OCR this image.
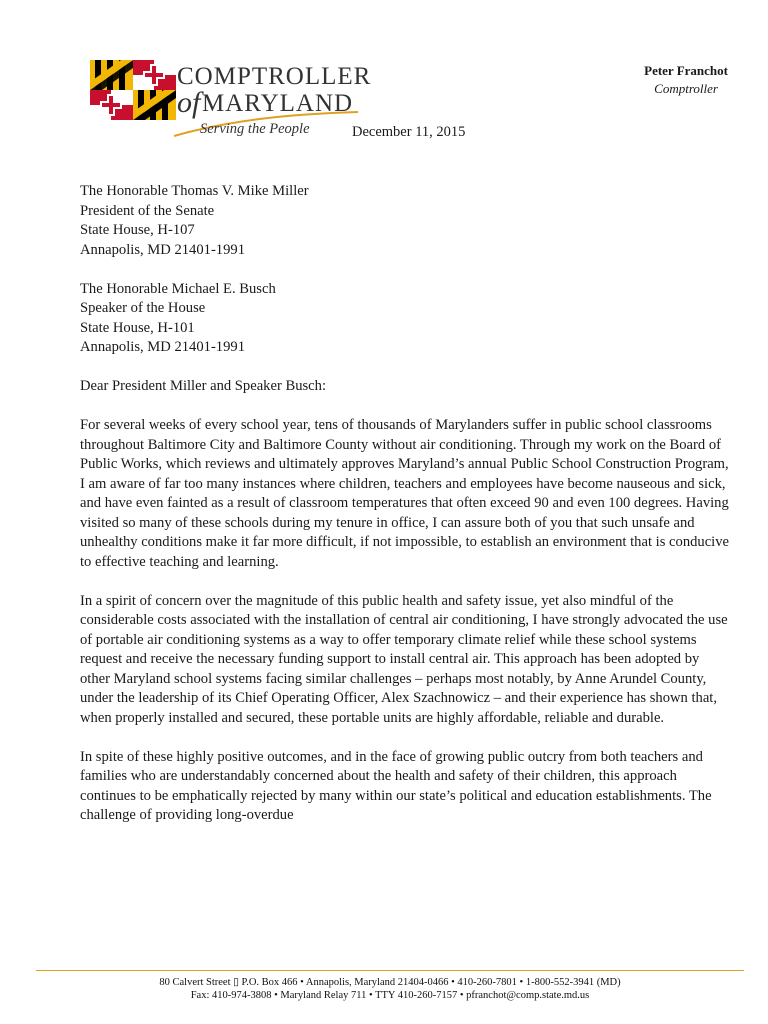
COMPTROLLER
of MARYLAND
Serving the People	December 11, 2015
Peter Franchot
Comptroller
The Honorable Thomas V. Mike Miller
President of the Senate
State House, H-107
Annapolis, MD 21401-1991
The Honorable Michael E. Busch
Speaker of the House
State House, H-101
Annapolis, MD 21401-1991
Dear President Miller and Speaker Busch:

For several weeks of every school year, tens of thousands of Marylanders suffer in public school classrooms throughout Baltimore City and Baltimore County without air conditioning. Through my work on the Board of Public Works, which reviews and ultimately approves Maryland’s annual Public School Construction Program, I am aware of far too many instances where children, teachers and employees have become nauseous and sick, and have even fainted as a result of classroom temperatures that often exceed 90 and even 100 degrees. Having visited so many of these schools during my tenure in office, I can assure both of you that such unsafe and unhealthy conditions make it far more difficult, if not impossible, to establish an environment that is conducive to effective teaching and learning.

In a spirit of concern over the magnitude of this public health and safety issue, yet also mindful of the considerable costs associated with the installation of central air conditioning, I have strongly advocated the use of portable air conditioning systems as a way to offer temporary climate relief while these school systems request and receive the necessary funding support to install central air. This approach has been adopted by other Maryland school systems facing similar challenges – perhaps most notably, by Anne Arundel County, under the leadership of its Chief Operating Officer, Alex Szachnowicz – and their experience has shown that, when properly installed and secured, these portable units are highly affordable, reliable and durable.

In spite of these highly positive outcomes, and in the face of growing public outcry from both teachers and families who are understandably concerned about the health and safety of their children, this approach continues to be emphatically rejected by many within our state’s political and education establishments. The challenge of providing long-overdue

80 Calvert Street ▯ P.O. Box 466 • Annapolis, Maryland 21404-0466 • 410-260-7801 • 1-800-552-3941 (MD)
Fax: 410-974-3808 • Maryland Relay 711 • TTY 410-260-7157 • pfranchot@comp.state.md.us
